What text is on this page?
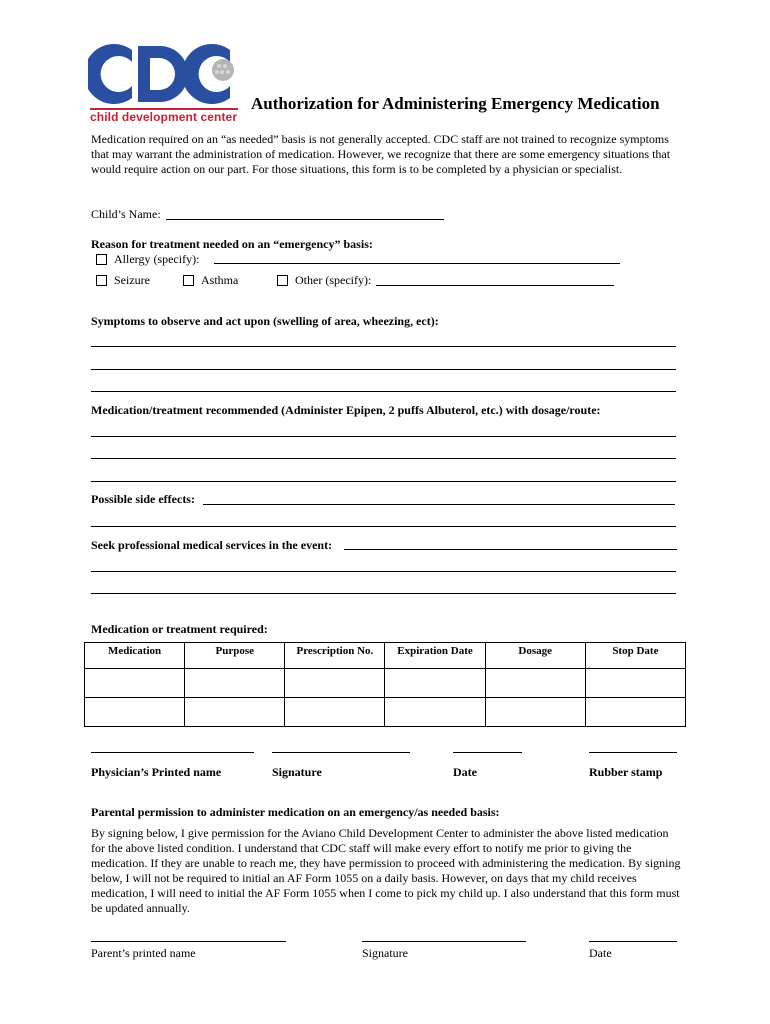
child development center
Authorization for Administering Emergency Medication
Medication required on an “as needed” basis is not generally accepted. CDC staff are not trained to recognize symptoms that may warrant the administration of medication. However, we recognize that there are some emergency situations that would require action on our part. For those situations, this form is to be completed by a physician or specialist.
Child’s Name:
Reason for treatment needed on an “emergency” basis:
Allergy (specify):
Seizure	Asthma	Other (specify):
Symptoms to observe and act upon (swelling of area, wheezing, ect):
Medication/treatment recommended (Administer Epipen, 2 puffs Albuterol, etc.) with dosage/route:
Possible side effects:
Seek professional medical services in the event:
Medication or treatment required:
Medication	Purpose	Prescription No.	Expiration Date	Dosage	Stop Date

Physician’s Printed name	Signature	Date	Rubber stamp
Parental permission to administer medication on an emergency/as needed basis:
By signing below, I give permission for the Aviano Child Development Center to administer the above listed medication for the above listed condition. I understand that CDC staff will make every effort to notify me prior to giving the medication. If they are unable to reach me, they have permission to proceed with administering the medication. By signing below, I will not be required to initial an AF Form 1055 on a daily basis. However, on days that my child receives medication, I will need to initial the AF Form 1055 when I come to pick my child up. I also understand that this form must be updated annually.
Parent’s printed name	Signature	Date
